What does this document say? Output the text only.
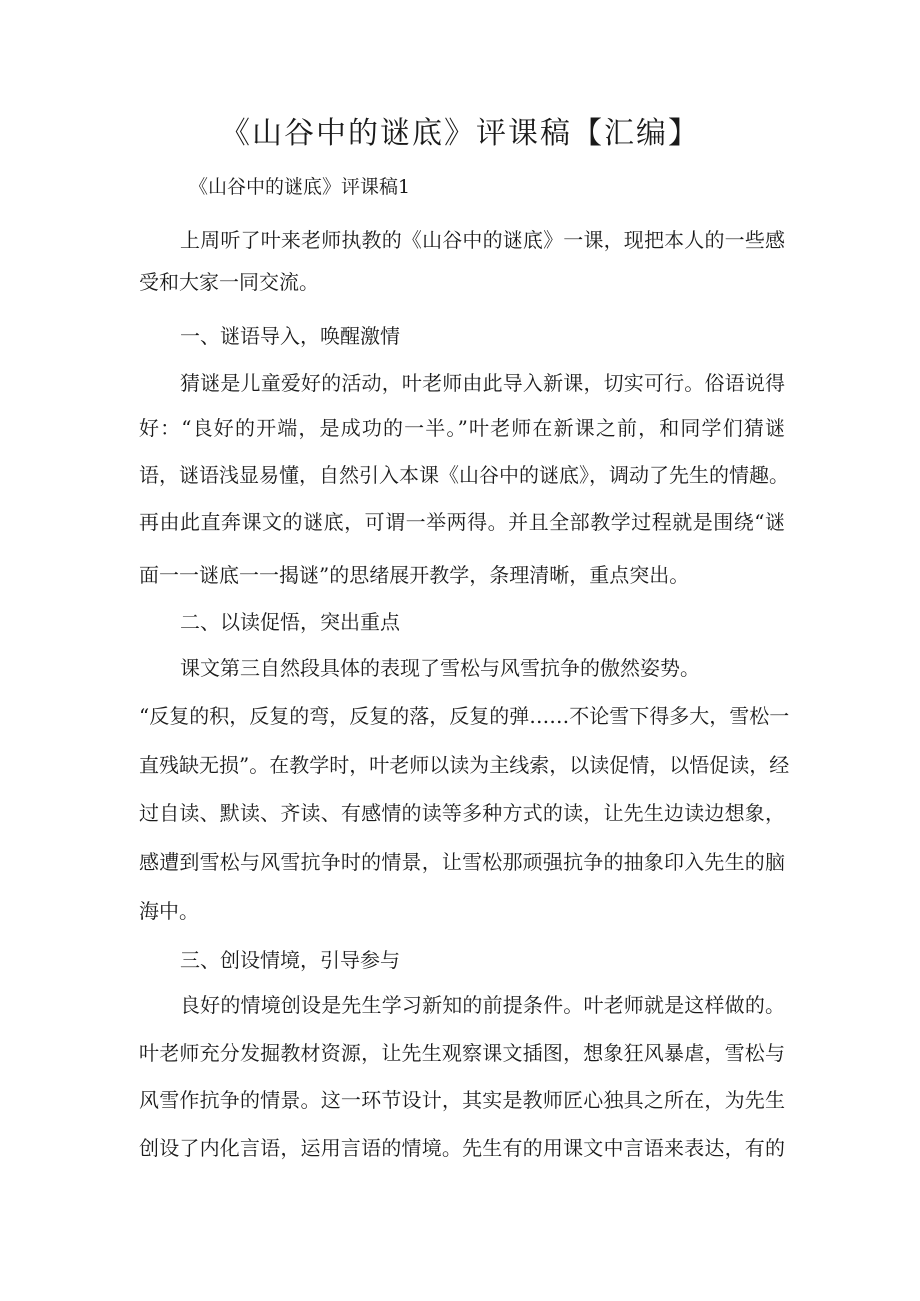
《山谷中的谜底》评课稿【汇编】

《山谷中的谜底》评课稿1

上周听了叶来老师执教的《山谷中的谜底》一课，现把本人的一些感

受和大家一同交流。

一、谜语导入，唤醒激情

猜谜是儿童爱好的活动，叶老师由此导入新课，切实可行。俗语说得

好：“良好的开端，是成功的一半。”叶老师在新课之前，和同学们猜谜

语，谜语浅显易懂，自然引入本课《山谷中的谜底》，调动了先生的情趣。

再由此直奔课文的谜底，可谓一举两得。并且全部教学过程就是围绕“谜

面一一谜底一一揭谜”的思绪展开教学，条理清晰，重点突出。

二、以读促悟，突出重点

课文第三自然段具体的表现了雪松与风雪抗争的傲然姿势。

“反复的积，反复的弯，反复的落，反复的弹……不论雪下得多大，雪松一

直残缺无损”。在教学时，叶老师以读为主线索，以读促情，以悟促读，经

过自读、默读、齐读、有感情的读等多种方式的读，让先生边读边想象，

感遭到雪松与风雪抗争时的情景，让雪松那顽强抗争的抽象印入先生的脑

海中。

三、创设情境，引导参与

良好的情境创设是先生学习新知的前提条件。叶老师就是这样做的。

叶老师充分发掘教材资源，让先生观察课文插图，想象狂风暴虐，雪松与

风雪作抗争的情景。这一环节设计，其实是教师匠心独具之所在，为先生

创设了内化言语，运用言语的情境。先生有的用课文中言语来表达，有的
